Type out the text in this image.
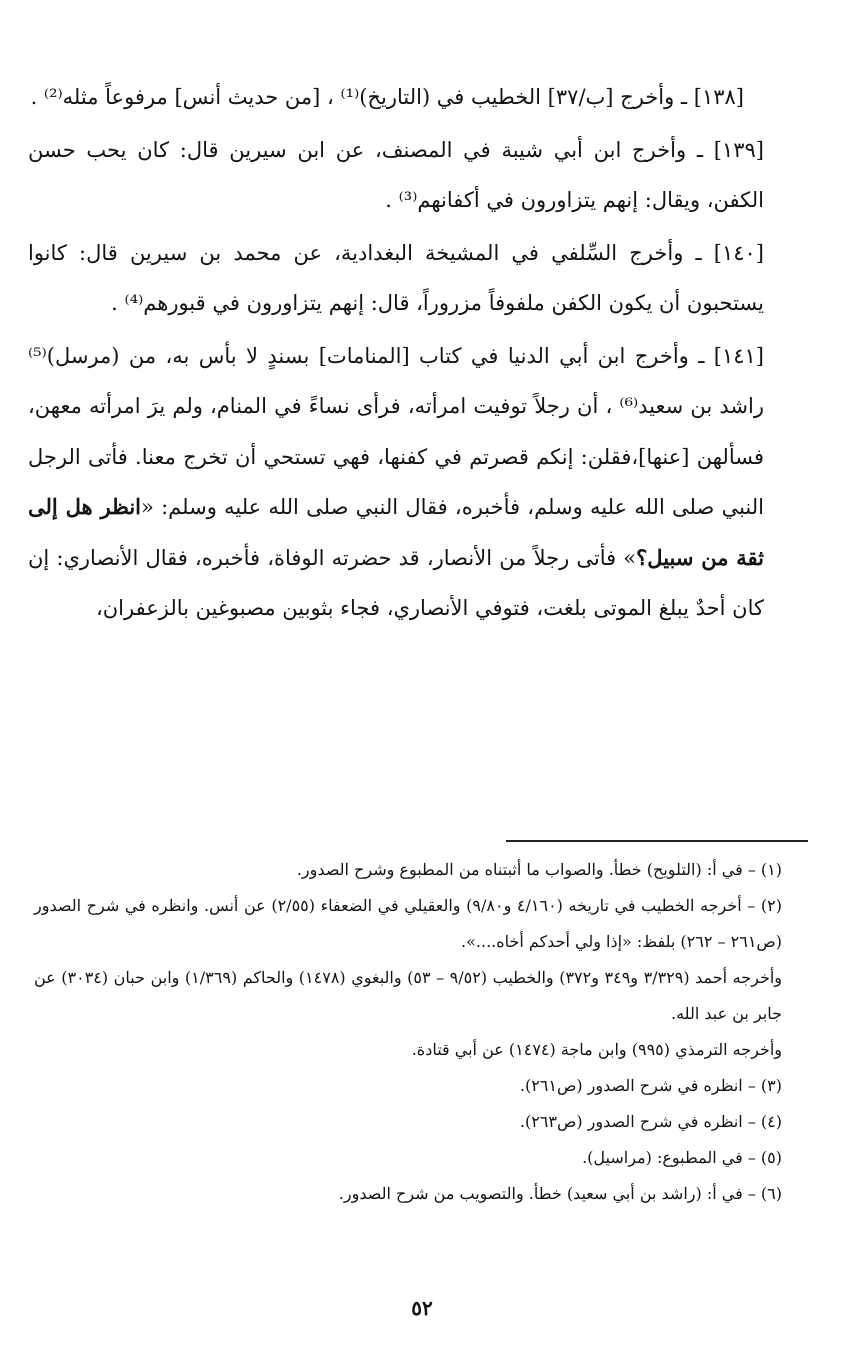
[١٣٨] ـ وأخرج [ب/٣٧] الخطيب في (التاريخ)⁽¹⁾ ، [من حديث أنس] مرفوعاً مثله⁽²⁾ .

[١٣٩] ـ وأخرج ابن أبي شيبة في المصنف، عن ابن سيرين قال: كان يحب حسن الكفن، ويقال: إنهم يتزاورون في أكفانهم⁽³⁾ .

[١٤٠] ـ وأخرج السِّلفي في المشيخة البغدادية، عن محمد بن سيرين قال: كانوا يستحبون أن يكون الكفن ملفوفاً مزروراً، قال: إنهم يتزاورون في قبورهم⁽⁴⁾ .

[١٤١] ـ وأخرج ابن أبي الدنيا في كتاب [المنامات] بسندٍ لا بأس به، من (مرسل)⁽⁵⁾ راشد بن سعيد⁽⁶⁾ ، أن رجلاً توفيت امرأته، فرأى نساءً في المنام، ولم يرَ امرأته معهن، فسألهن [عنها]،فقلن: إنكم قصرتم في كفنها، فهي تستحي أن تخرج معنا. فأتى الرجل النبي صلى الله عليه وسلم، فأخبره، فقال النبي صلى الله عليه وسلم: «انظر هل إلى ثقة من سبيل؟» فأتى رجلاً من الأنصار، قد حضرته الوفاة، فأخبره، فقال الأنصاري: إن كان أحدٌ يبلغ الموتى بلغت، فتوفي الأنصاري، فجاء بثوبين مصبوغين بالزعفران،

(١) – في أ: (التلويح) خطأ. والصواب ما أثبتناه من المطبوع وشرح الصدور.

(٢) – أخرجه الخطيب في تاريخه (٤/١٦٠ و٩/٨٠) والعقيلي في الضعفاء (٢/٥٥) عن أنس. وانظره في شرح الصدور (ص٢٦١ – ٢٦٢) بلفظ: «إذا ولي أحدكم أخاه....».

وأخرجه أحمد (٣/٣٢٩ و٣٤٩ و٣٧٢) والخطيب (٩/٥٢ – ٥٣) والبغوي (١٤٧٨) والحاكم (١/٣٦٩) وابن حبان (٣٠٣٤) عن جابر بن عبد الله.

وأخرجه الترمذي (٩٩٥) وابن ماجة (١٤٧٤) عن أبي قتادة.

(٣) – انظره في شرح الصدور (ص٢٦١).

(٤) – انظره في شرح الصدور (ص٢٦٣).

(٥) – في المطبوع: (مراسيل).

(٦) – في أ: (راشد بن أبي سعيد) خطأ. والتصويب من شرح الصدور.

٥٢
